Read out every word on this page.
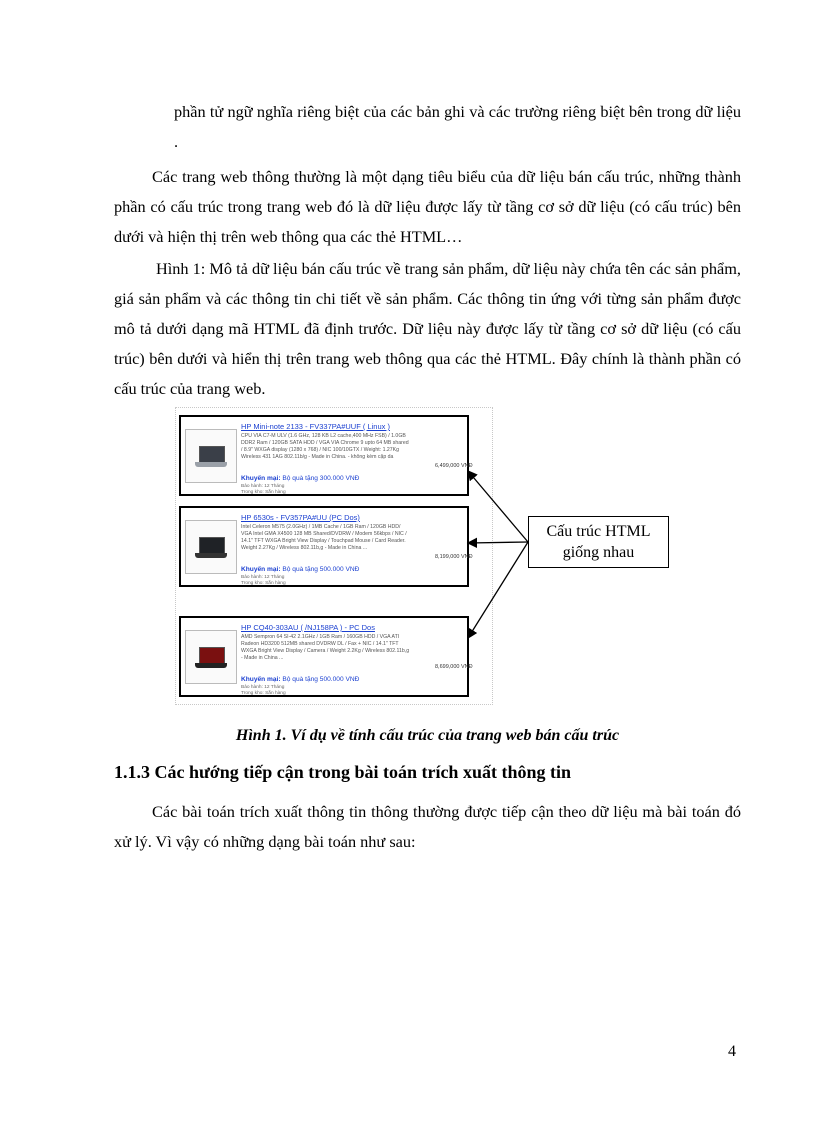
phần tử ngữ nghĩa riêng biệt của các bản ghi và các trường riêng biệt bên trong dữ liệu .

Các trang web thông thường là một dạng tiêu biểu của dữ liệu bán cấu trúc, những thành phần có cấu trúc trong trang web đó là dữ liệu được lấy từ tầng cơ sở dữ liệu (có cấu trúc) bên dưới và hiện thị trên web thông qua các thẻ HTML…

Hình 1: Mô tả dữ liệu bán cấu trúc về trang sản phẩm, dữ liệu này chứa tên các sản phẩm, giá sản phẩm và các thông tin chi tiết về sản phẩm. Các thông tin ứng với từng sản phẩm được mô tả dưới dạng mã HTML đã định trước. Dữ liệu này được lấy từ tầng cơ sở dữ liệu (có cấu trúc) bên dưới và hiển thị trên trang web thông qua các thẻ HTML. Đây chính là thành phần có cấu trúc của trang web.

HP Mini-note 2133 - FV337PA#UUF ( Linux )
CPU VIA C7-M ULV (1.6 GHz, 128 KB L2 cache,400 MHz FSB) / 1.0GB DDR2 Ram / 120GB SATA HDD / VGA VIA Chrome 9 upto 64 MB shared / 8.9" WXGA display (1280 x 768) / NIC 100/10GTX / Weight: 1.27Kg Wireless 431 1AG 802.11b/g - Made in China. - không kèm cặp da
Khuyến mại: Bộ quà tặng 300.000 VNĐ
Bảo hành: 12 Tháng
Trong kho: Sẵn hàng
6,499,000 VNĐ
HP 6530s - FV357PA#UU (PC Dos)
Intel Celeron M575 (2.0GHz) / 1MB Cache / 1GB Ram / 120GB HDD/ VGA Intel GMA X4500 128 MB Shared/DVDRW / Modem 56kbps / NIC / 14.1" TFT WXGA Bright View Display / Touchpad Mouse / Card Reader. Weight 2.27Kg / Wireless 802.11b,g - Made in China ...
Khuyến mại: Bộ quà tặng 500.000 VNĐ
Bảo hành: 12 Tháng
Trong kho: Sẵn hàng
8,199,000 VNĐ
HP CQ40-303AU ( /NJ158PA ) - PC Dos
AMD Sempron 64 SI-42 2.1GHz / 1GB Ram / 160GB HDD / VGA ATI Radeon HD3200 512MB shared DVDRW DL / Fax + NIC / 14.1" TFT WXGA Bright View Display / Camera / Weight 2.2Kg / Wireless 802.11b,g - Made in China ...
Khuyến mại: Bộ quà tặng 500.000 VNĐ
Bảo hành: 12 Tháng
Trong kho: Sẵn hàng
8,699,000 VNĐ
Cấu trúc HTML
giống nhau
Hình 1. Ví dụ về tính cấu trúc của trang web bán cấu trúc
1.1.3 Các hướng tiếp cận trong bài toán trích xuất thông tin

Các bài toán trích xuất thông tin thông thường được tiếp cận theo dữ liệu mà bài toán đó xử lý. Vì vậy có những dạng bài toán như sau:

4
